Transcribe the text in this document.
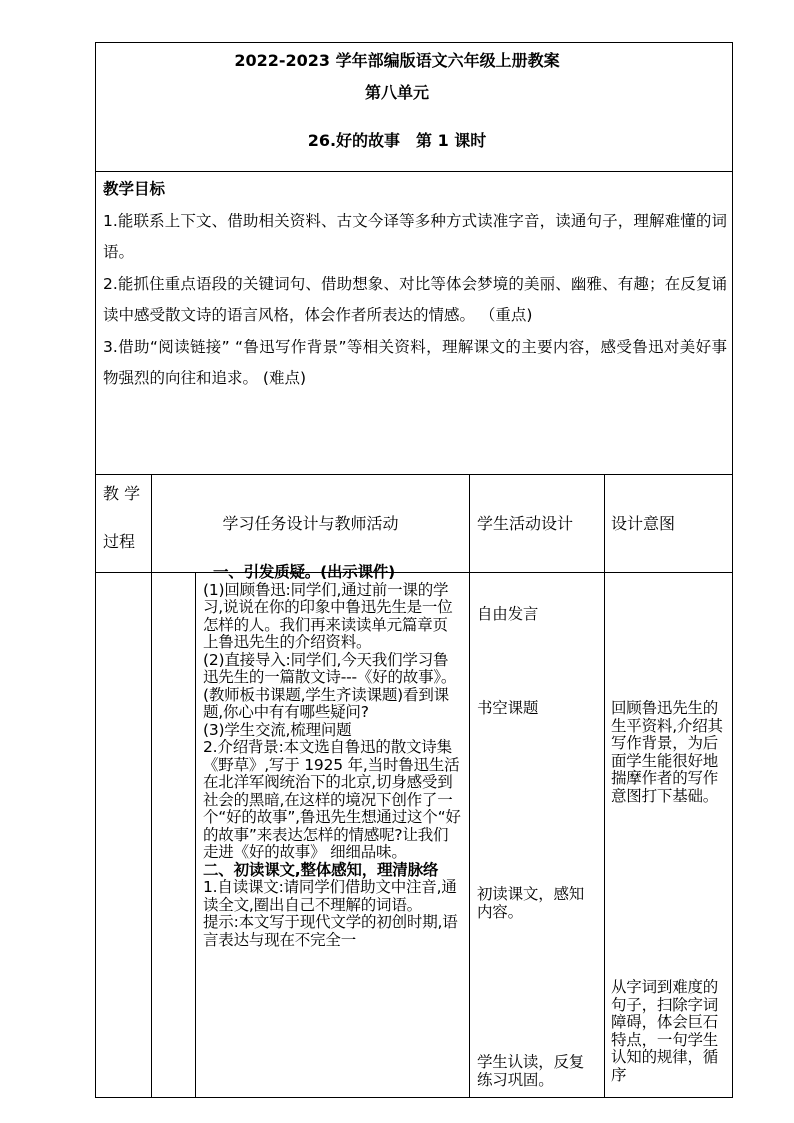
2022-2023 学年部编版语文六年级上册教案
第八单元
26.好的故事　第 1 课时

教学目标

1.能联系上下文、借助相关资料、古文今译等多种方式读准字音，读通句子，理解难懂的词语。

2.能抓住重点语段的关键词句、借助想象、对比等体会梦境的美丽、幽雅、有趣；在反复诵读中感受散文诗的语言风格，体会作者所表达的情感。 （重点)

3.借助“阅读链接” “鲁迅写作背景”等相关资料，理解课文的主要内容，感受鲁迅对美好事物强烈的向往和追求。 (难点)

教 学
过程
学习任务设计与教师活动	学生活动设计 设计意图

一、引发质疑。(出示课件)

(1)回顾鲁迅:同学们,通过前一课的学习,说说在你的印象中鲁迅先生是一位怎样的人。我们再来读读单元篇章页上鲁迅先生的介绍资料。

(2)直接导入:同学们,今天我们学习鲁迅先生的一篇散文诗---《好的故事》。(教师板书课题,学生齐读课题)看到课题,你心中有有哪些疑问?

(3)学生交流,梳理问题

2.介绍背景:本文选自鲁迅的散文诗集《野草》,写于 1925 年,当时鲁迅生活在北洋军阀统治下的北京,切身感受到社会的黑暗,在这样的境况下创作了一个“好的故事”,鲁迅先生想通过这个“好的故事”来表达怎样的情感呢?让我们走进《好的故事》 细细品味。

二、初读课文,整体感知，理清脉络

1.自读课文:请同学们借助文中注音,通读全文,圈出自己不理解的词语。

提示:本文写于现代文学的初创时期,语言表达与现在不完全一

自由发言
书空课题
初读课文，感知内容。
学生认读，反复练习巩固。
回顾鲁迅先生的生平资料,介绍其写作背景，为后面学生能很好地揣摩作者的写作意图打下基础。
从字词到难度的句子，扫除字词障碍，体会巨石特点，一句学生认知的规律，循序
